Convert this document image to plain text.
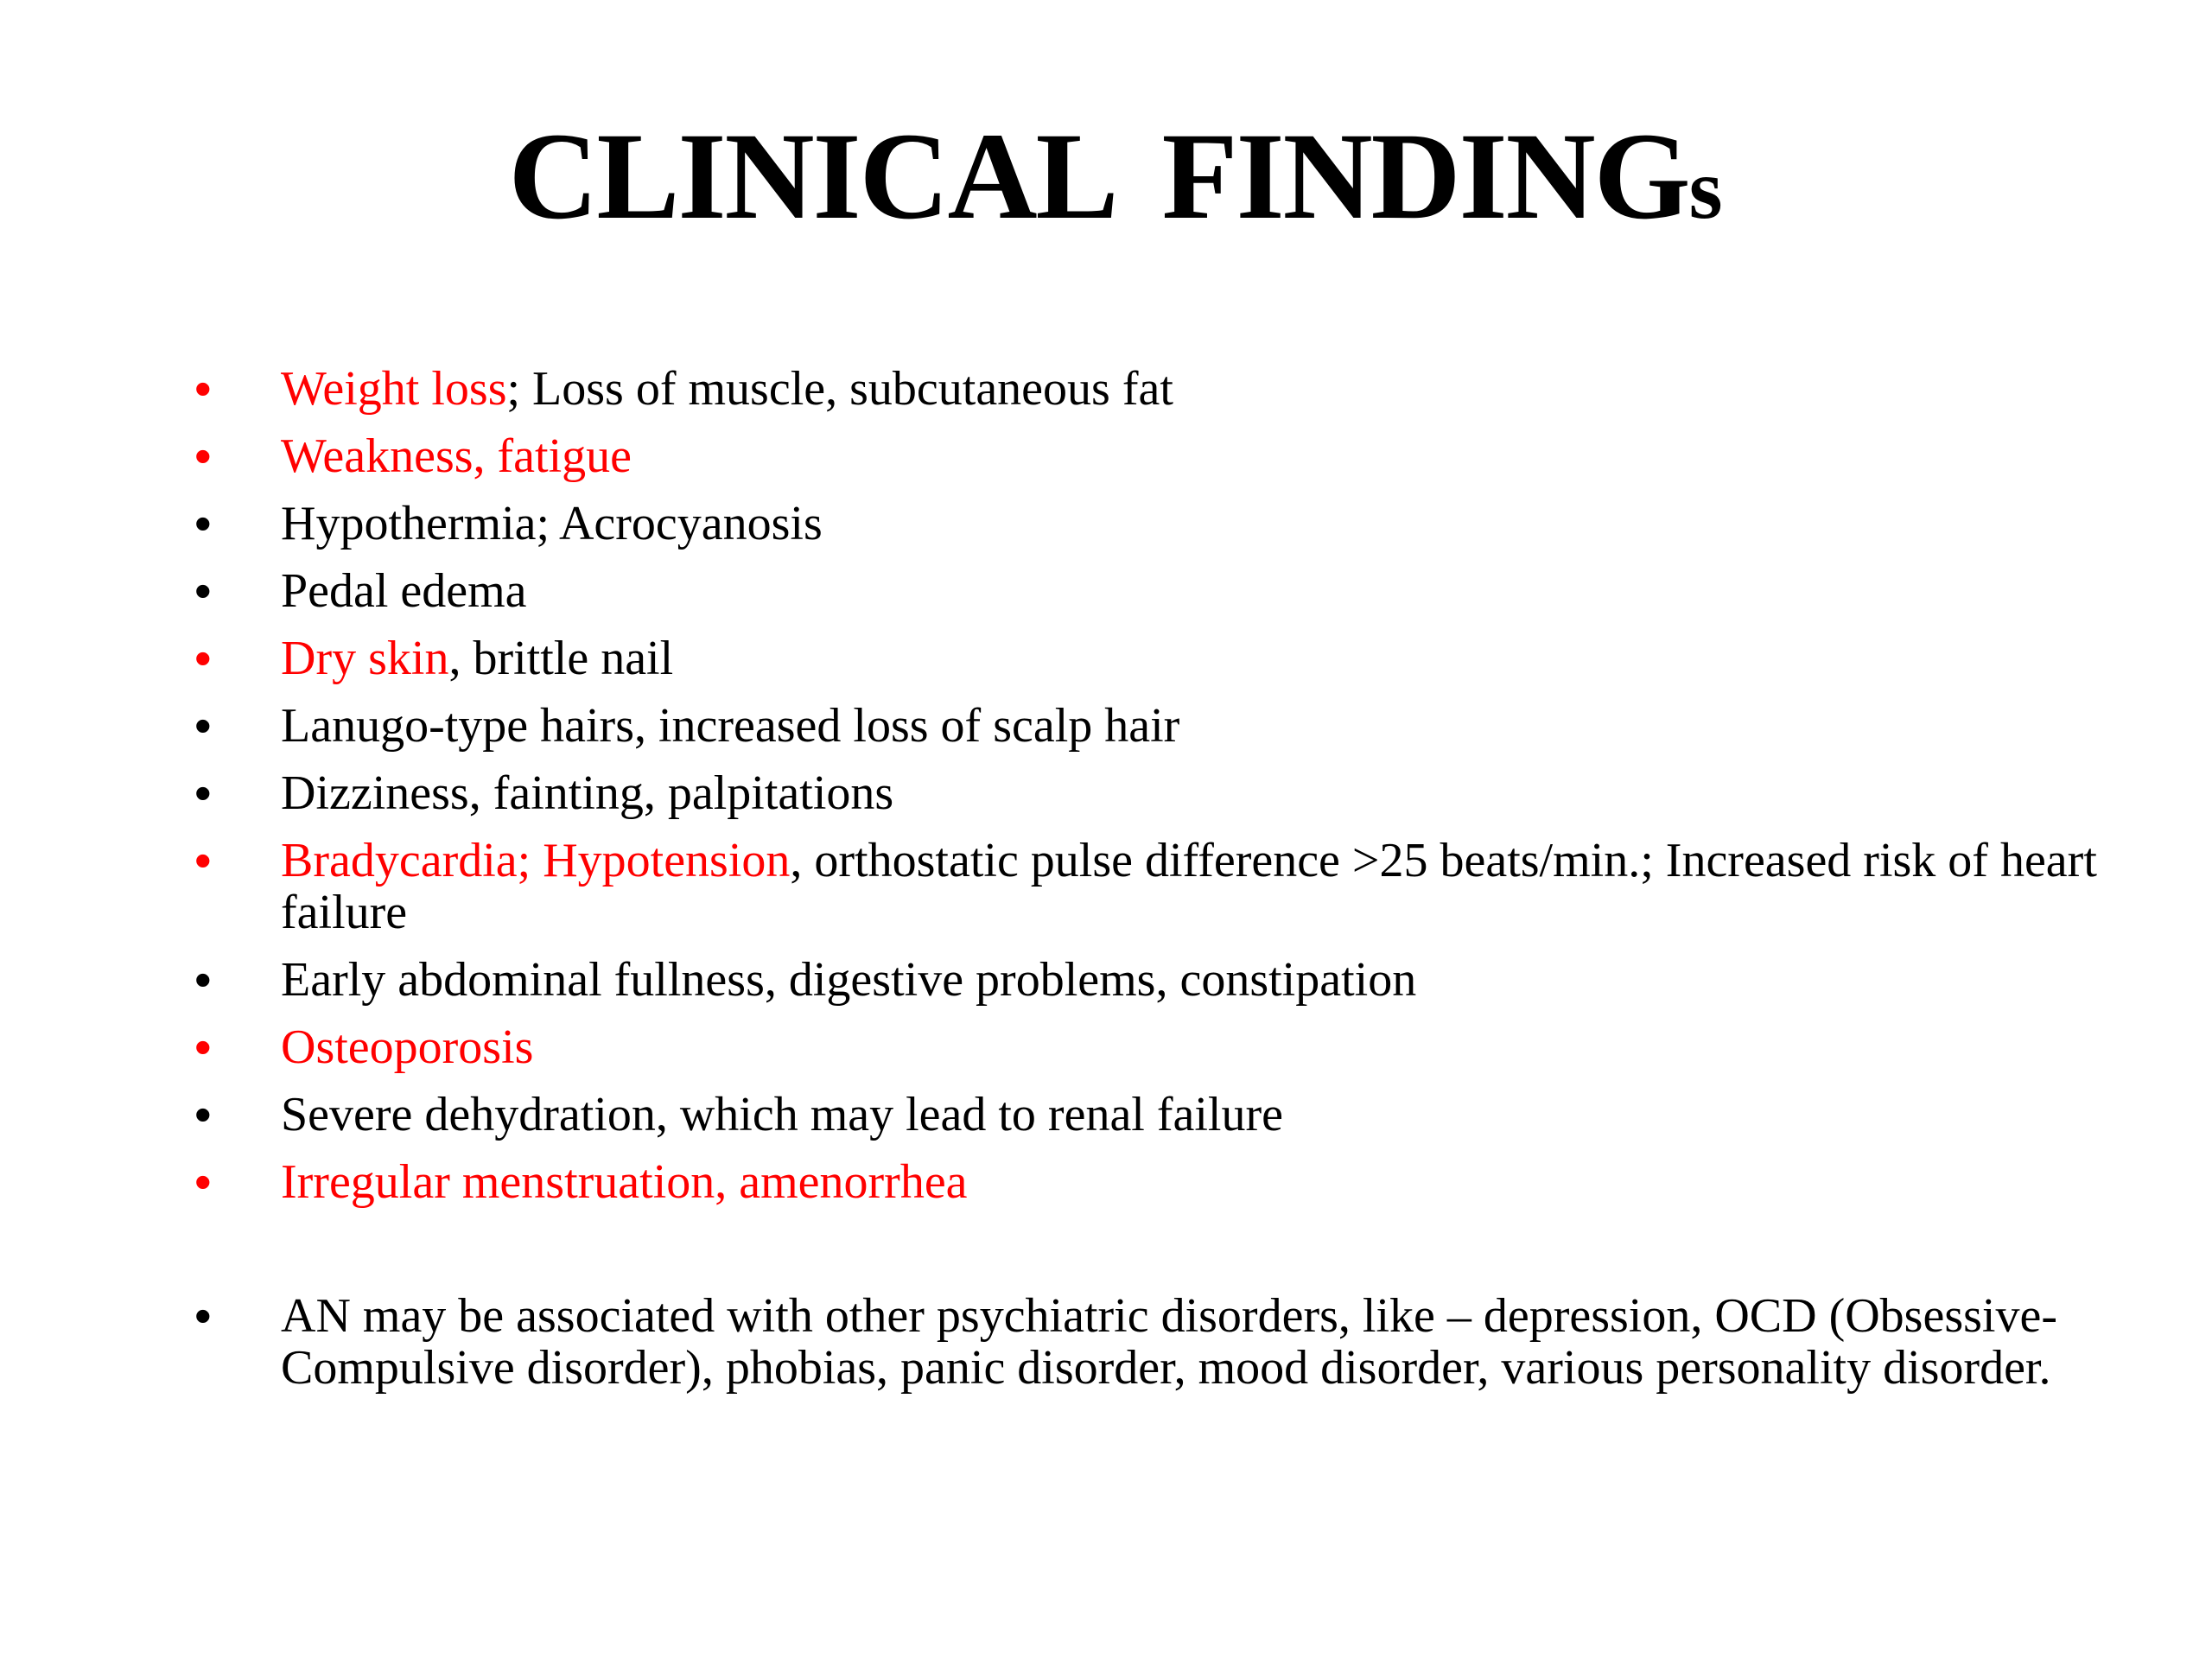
CLINICAL FINDINGs
•	Weight loss; Loss of muscle, subcutaneous fat
•	Weakness, fatigue
•	Hypothermia; Acrocyanosis
•	Pedal edema
•	Dry skin, brittle nail
•	Lanugo-type hairs, increased loss of scalp hair
•	Dizziness, fainting, palpitations
•	Bradycardia; Hypotension, orthostatic pulse difference >25 beats/min.; Increased risk of heart failure
•	Early abdominal fullness, digestive problems, constipation
•	Osteoporosis
•	Severe dehydration, which may lead to renal failure
•	Irregular menstruation, amenorrhea
•	AN may be associated with other psychiatric disorders, like – depression, OCD (Obsessive-Compulsive disorder), phobias, panic disorder, mood disorder, various personality disorder.
